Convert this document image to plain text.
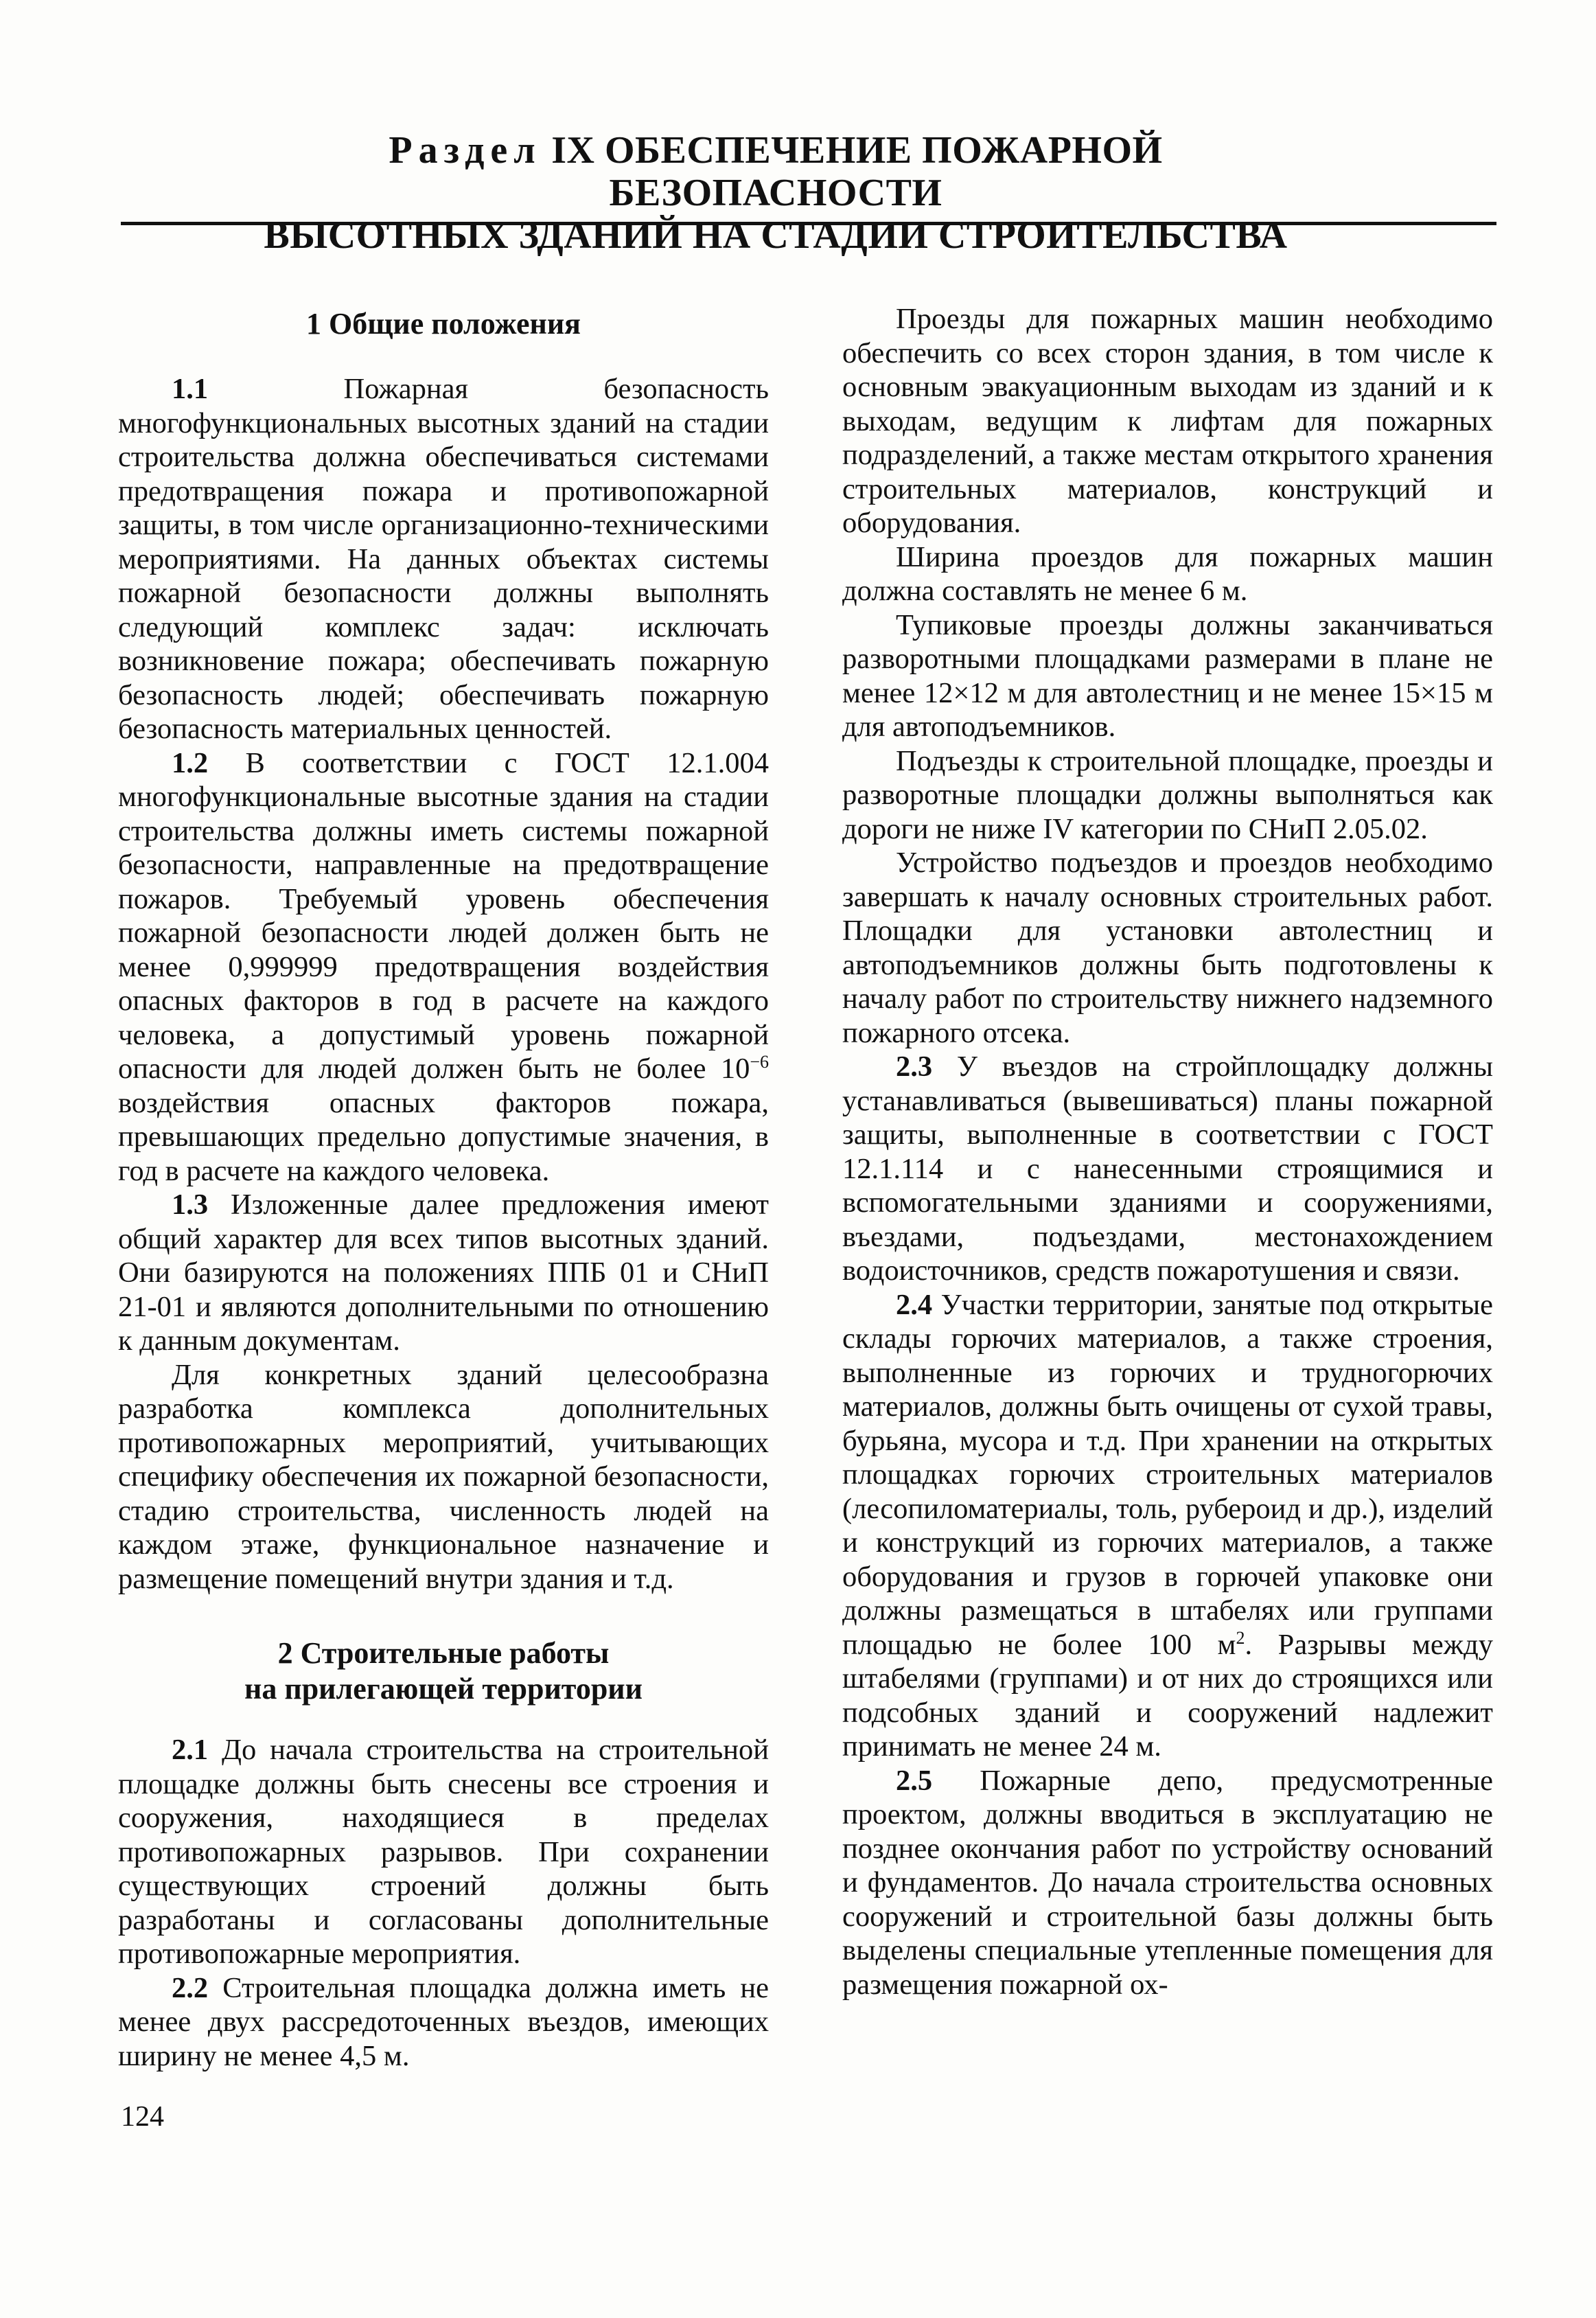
Раздел IX ОБЕСПЕЧЕНИЕ ПОЖАРНОЙ БЕЗОПАСНОСТИ
ВЫСОТНЫХ ЗДАНИЙ НА СТАДИИ СТРОИТЕЛЬСТВА
1 Общие положения

1.1 Пожарная безопасность многофункциональных высотных зданий на стадии строительства должна обеспечиваться системами предотвращения пожара и противопожарной защиты, в том числе организационно-техническими мероприятиями. На данных объектах системы пожарной безопасности должны выполнять следующий комплекс задач: исключать возникновение пожара; обеспечивать пожарную безопасность людей; обеспечивать пожарную безопасность материальных ценностей.

1.2 В соответствии с ГОСТ 12.1.004 многофункциональные высотные здания на стадии строительства должны иметь системы пожарной безопасности, направленные на предотвращение пожаров. Требуемый уровень обеспечения пожарной безопасности людей должен быть не менее 0,999999 предотвращения воздействия опасных факторов в год в расчете на каждого человека, а допустимый уровень пожарной опасности для людей должен быть не более $10^{-6}$ воздействия опасных факторов пожара, превышающих предельно допустимые значения, в год в расчете на каждого человека.

1.3 Изложенные далее предложения имеют общий характер для всех типов высотных зданий. Они базируются на положениях ППБ 01 и СНиП 21-01 и являются дополнительными по отношению к данным документам.

Для конкретных зданий целесообразна разработка комплекса дополнительных противопожарных мероприятий, учитывающих специфику обеспечения их пожарной безопасности, стадию строительства, численность людей на каждом этаже, функциональное назначение и размещение помещений внутри здания и т.д.

2 Строительные работы
на прилегающей территории

2.1 До начала строительства на строительной площадке должны быть снесены все строения и сооружения, находящиеся в пределах противопожарных разрывов. При сохранении существующих строений должны быть разработаны и согласованы дополнительные противопожарные мероприятия.

2.2 Строительная площадка должна иметь не менее двух рассредоточенных въездов, имеющих ширину не менее 4,5 м.

Проезды для пожарных машин необходимо обеспечить со всех сторон здания, в том числе к основным эвакуационным выходам из зданий и к выходам, ведущим к лифтам для пожарных подразделений, а также местам открытого хранения строительных материалов, конструкций и оборудования.

Ширина проездов для пожарных машин должна составлять не менее 6 м.

Тупиковые проезды должны заканчиваться разворотными площадками размерами в плане не менее 12×12 м для автолестниц и не менее 15×15 м для автоподъемников.

Подъезды к строительной площадке, проезды и разворотные площадки должны выполняться как дороги не ниже IV категории по СНиП 2.05.02.

Устройство подъездов и проездов необходимо завершать к началу основных строительных работ. Площадки для установки автолестниц и автоподъемников должны быть подготовлены к началу работ по строительству нижнего надземного пожарного отсека.

2.3 У въездов на стройплощадку должны устанавливаться (вывешиваться) планы пожарной защиты, выполненные в соответствии с ГОСТ 12.1.114 и с нанесенными строящимися и вспомогательными зданиями и сооружениями, въездами, подъездами, местонахождением водоисточников, средств пожаротушения и связи.

2.4 Участки территории, занятые под открытые склады горючих материалов, а также строения, выполненные из горючих и трудногорючих материалов, должны быть очищены от сухой травы, бурьяна, мусора и т.д. При хранении на открытых площадках горючих строительных материалов (лесопиломатериалы, толь, рубероид и др.), изделий и конструкций из горючих материалов, а также оборудования и грузов в горючей упаковке они должны размещаться в штабелях или группами площадью не более 100 $м^2$. Разрывы между штабелями (группами) и от них до строящихся или подсобных зданий и сооружений надлежит принимать не менее 24 м.

2.5 Пожарные депо, предусмотренные проектом, должны вводиться в эксплуатацию не позднее окончания работ по устройству оснований и фундаментов. До начала строительства основных сооружений и строительной базы должны быть выделены специальные утепленные помещения для размещения пожарной ох-

124
